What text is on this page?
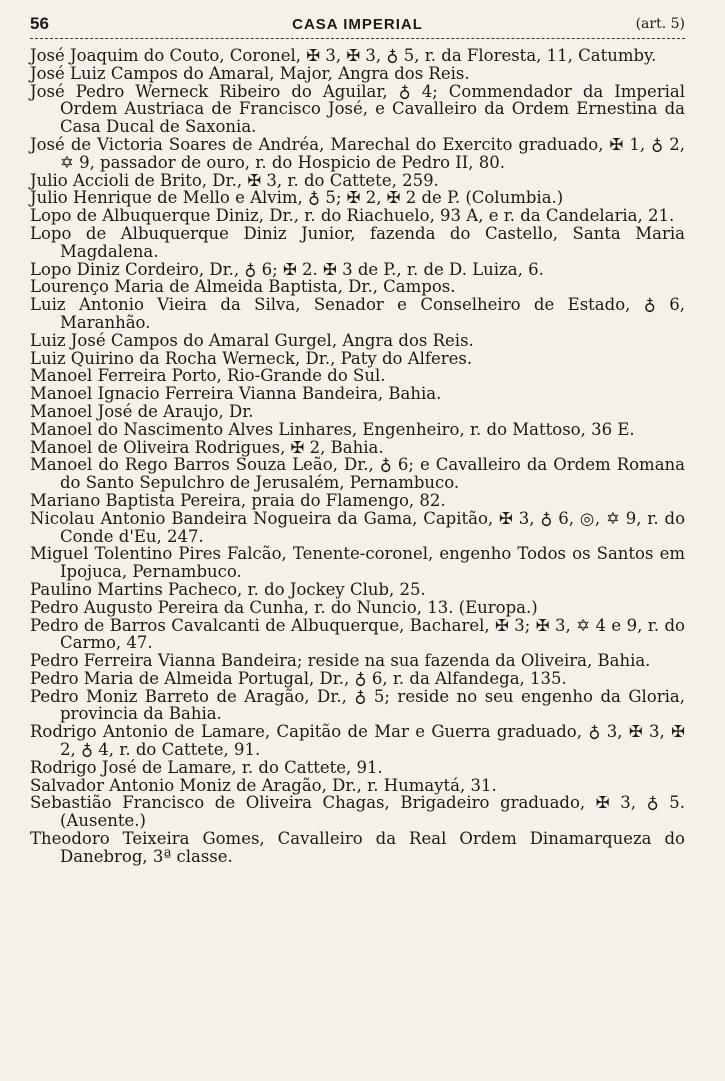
56	CASA IMPERIAL	(art. 5)
José Joaquim do Couto, Coronel, ✠ 3, ✠ 3, ♁ 5, r. da Floresta, 11, Catumby.
José Luiz Campos do Amaral, Major, Angra dos Reis.
José Pedro Werneck Ribeiro do Aguilar, ♁ 4; Commendador da Imperial Ordem Austriaca de Francisco José, e Cavalleiro da Ordem Ernestina da Casa Ducal de Saxonia.
José de Victoria Soares de Andréa, Marechal do Exercito graduado, ✠ 1, ♁ 2, ✡ 9, passador de ouro, r. do Hospicio de Pedro II, 80.
Julio Accioli de Brito, Dr., ✠ 3, r. do Cattete, 259.
Julio Henrique de Mello e Alvim, ♁ 5; ✠ 2, ✠ 2 de P. (Columbia.)
Lopo de Albuquerque Diniz, Dr., r. do Riachuelo, 93 A, e r. da Candelaria, 21.
Lopo de Albuquerque Diniz Junior, fazenda do Castello, Santa Maria Magdalena.
Lopo Diniz Cordeiro, Dr., ♁ 6; ✠ 2. ✠ 3 de P., r. de D. Luiza, 6.
Lourenço Maria de Almeida Baptista, Dr., Campos.
Luiz Antonio Vieira da Silva, Senador e Conselheiro de Estado, ♁ 6, Maranhão.
Luiz José Campos do Amaral Gurgel, Angra dos Reis.
Luiz Quirino da Rocha Werneck, Dr., Paty do Alferes.
Manoel Ferreira Porto, Rio-Grande do Sul.
Manoel Ignacio Ferreira Vianna Bandeira, Bahia.
Manoel José de Araujo, Dr.
Manoel do Nascimento Alves Linhares, Engenheiro, r. do Mattoso, 36 E.
Manoel de Oliveira Rodrigues, ✠ 2, Bahia.
Manoel do Rego Barros Souza Leão, Dr., ♁ 6; e Cavalleiro da Ordem Romana do Santo Sepulchro de Jerusalém, Pernambuco.
Mariano Baptista Pereira, praia do Flamengo, 82.
Nicolau Antonio Bandeira Nogueira da Gama, Capitão, ✠ 3, ♁ 6, ◎, ✡ 9, r. do Conde d'Eu, 247.
Miguel Tolentino Pires Falcão, Tenente-coronel, engenho Todos os Santos em Ipojuca, Pernambuco.
Paulino Martins Pacheco, r. do Jockey Club, 25.
Pedro Augusto Pereira da Cunha, r. do Nuncio, 13. (Europa.)
Pedro de Barros Cavalcanti de Albuquerque, Bacharel, ✠ 3; ✠ 3, ✡ 4 e 9, r. do Carmo, 47.
Pedro Ferreira Vianna Bandeira; reside na sua fazenda da Oliveira, Bahia.
Pedro Maria de Almeida Portugal, Dr., ♁ 6, r. da Alfandega, 135.
Pedro Moniz Barreto de Aragão, Dr., ♁ 5; reside no seu engenho da Gloria, provincia da Bahia.
Rodrigo Antonio de Lamare, Capitão de Mar e Guerra graduado, ♁ 3, ✠ 3, ✠ 2, ♁ 4, r. do Cattete, 91.
Rodrigo José de Lamare, r. do Cattete, 91.
Salvador Antonio Moniz de Aragão, Dr., r. Humaytá, 31.
Sebastião Francisco de Oliveira Chagas, Brigadeiro graduado, ✠ 3, ♁ 5. (Ausente.)
Theodoro Teixeira Gomes, Cavalleiro da Real Ordem Dinamarqueza do Danebrog, 3ª classe.
